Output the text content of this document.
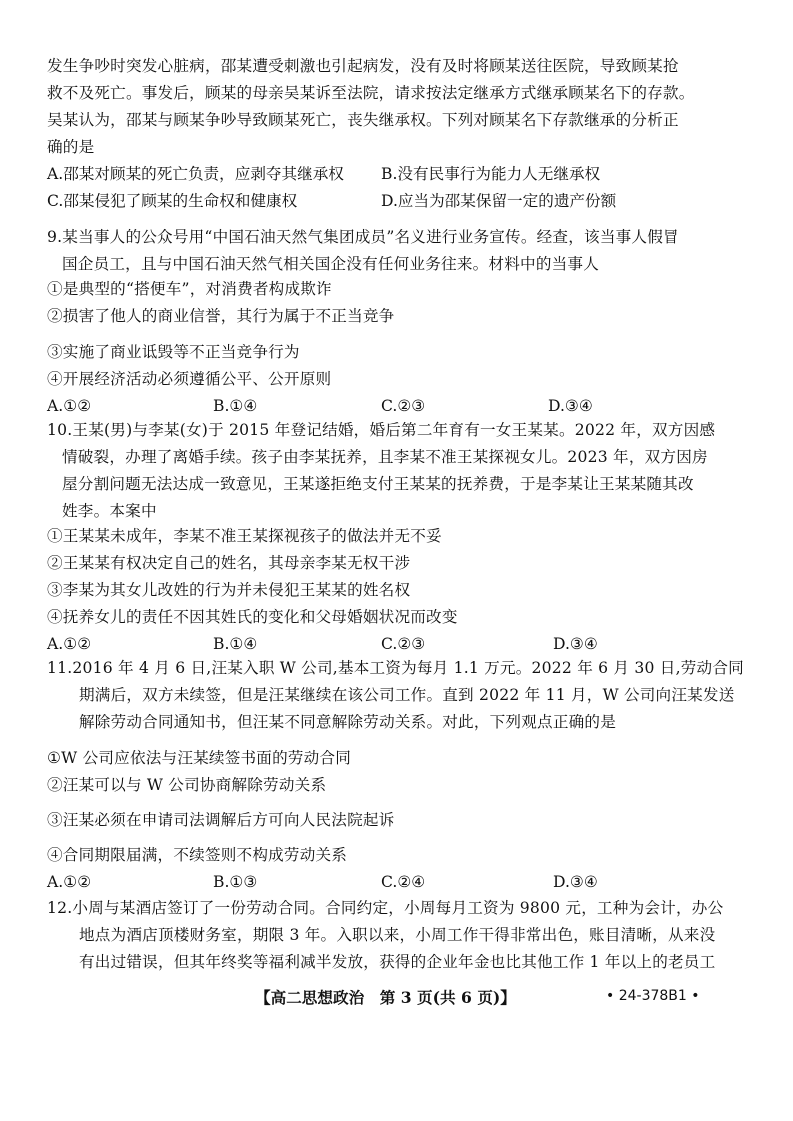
发生争吵时突发心脏病，邵某遭受刺激也引起病发，没有及时将顾某送往医院，导致顾某抢
救不及死亡。事发后，顾某的母亲吴某诉至法院，请求按法定继承方式继承顾某名下的存款。
吴某认为，邵某与顾某争吵导致顾某死亡，丧失继承权。下列对顾某名下存款继承的分析正
确的是
A.邵某对顾某的死亡负责，应剥夺其继承权 B.没有民事行为能力人无继承权
C.邵某侵犯了顾某的生命权和健康权	D.应当为邵某保留一定的遗产份额
9.某当事人的公众号用“中国石油天然气集团成员”名义进行业务宣传。经查，该当事人假冒
国企员工，且与中国石油天然气相关国企没有任何业务往来。材料中的当事人
①是典型的“搭便车”，对消费者构成欺诈
②损害了他人的商业信誉，其行为属于不正当竞争
③实施了商业诋毁等不正当竞争行为
④开展经济活动必须遵循公平、公开原则
A.①②	B.①④	C.②③	D.③④
10.王某(男)与李某(女)于 2015 年登记结婚，婚后第二年育有一女王某某。2022 年，双方因感
情破裂，办理了离婚手续。孩子由李某抚养，且李某不准王某探视女儿。2023 年，双方因房
屋分割问题无法达成一致意见，王某遂拒绝支付王某某的抚养费，于是李某让王某某随其改
姓李。本案中
①王某某未成年，李某不准王某探视孩子的做法并无不妥
②王某某有权决定自己的姓名，其母亲李某无权干涉
③李某为其女儿改姓的行为并未侵犯王某某的姓名权
④抚养女儿的责任不因其姓氏的变化和父母婚姻状况而改变
A.①②	B.①④	C.②③	D.③④
11.2016 年 4 月 6 日,汪某入职 W 公司,基本工资为每月 1.1 万元。2022 年 6 月 30 日,劳动合同
期满后，双方未续签，但是汪某继续在该公司工作。直到 2022 年 11 月，W 公司向汪某发送
解除劳动合同通知书，但汪某不同意解除劳动关系。对此，下列观点正确的是
①W 公司应依法与汪某续签书面的劳动合同
②汪某可以与 W 公司协商解除劳动关系
③汪某必须在申请司法调解后方可向人民法院起诉
④合同期限届满，不续签则不构成劳动关系
A.①②	B.①③	C.②④	D.③④
12.小周与某酒店签订了一份劳动合同。合同约定，小周每月工资为 9800 元，工种为会计，办公
地点为酒店顶楼财务室，期限 3 年。入职以来，小周工作干得非常出色，账目清晰，从来没
有出过错误，但其年终奖等福利减半发放，获得的企业年金也比其他工作 1 年以上的老员工
【高二思想政治　第 3 页(共 6 页)】	• 24-378B1 •
